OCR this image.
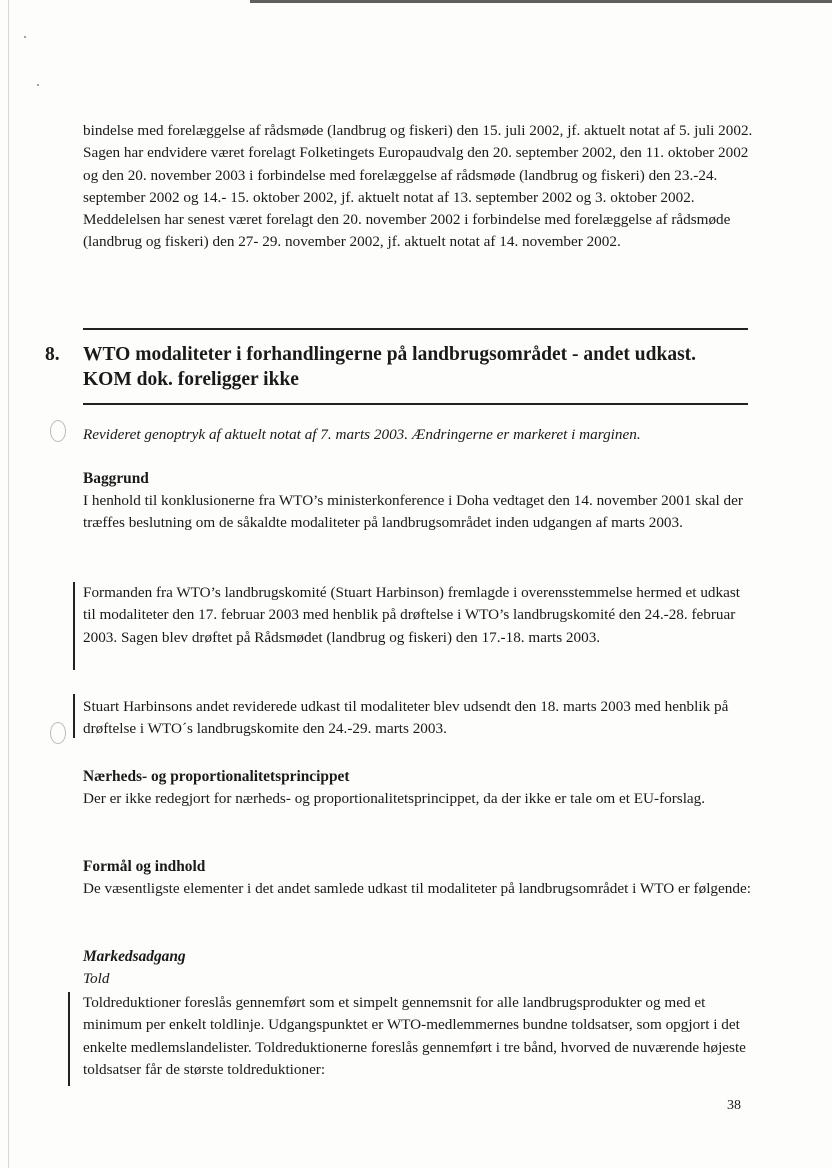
bindelse med forelæggelse af rådsmøde (landbrug og fiskeri) den 15. juli 2002, jf. aktuelt notat af 5. juli 2002. Sagen har endvidere været forelagt Folketingets Europaudvalg den 20. september 2002, den 11. oktober 2002 og den 20. november 2003 i forbindelse med forelæggelse af rådsmøde (landbrug og fiskeri) den 23.-24. september 2002 og 14.- 15. oktober 2002, jf. aktuelt notat af 13. september 2002 og 3. oktober 2002. Meddelelsen har senest været forelagt den 20. november 2002 i forbindelse med forelæggelse af rådsmøde (landbrug og fiskeri) den 27- 29. november 2002, jf. aktuelt notat af 14. november 2002.

8. WTO modaliteter i forhandlingerne på landbrugsområdet - andet udkast.
KOM dok. foreligger ikke
Revideret genoptryk af aktuelt notat af 7. marts 2003. Ændringerne er markeret i marginen.

Baggrund

I henhold til konklusionerne fra WTO’s ministerkonference i Doha vedtaget den 14. november 2001 skal der træffes beslutning om de såkaldte modaliteter på landbrugsområdet inden udgangen af marts 2003.

Formanden fra WTO’s landbrugskomité (Stuart Harbinson) fremlagde i overensstemmelse hermed et udkast til modaliteter den 17. februar 2003 med henblik på drøftelse i WTO’s landbrugskomité den 24.-28. februar 2003. Sagen blev drøftet på Rådsmødet (landbrug og fiskeri) den 17.-18. marts 2003.

Stuart Harbinsons andet reviderede udkast til modaliteter blev udsendt den 18. marts 2003 med henblik på drøftelse i WTO´s landbrugskomite den 24.-29. marts 2003.

Nærheds- og proportionalitetsprincippet

Der er ikke redegjort for nærheds- og proportionalitetsprincippet, da der ikke er tale om et EU-forslag.

Formål og indhold

De væsentligste elementer i det andet samlede udkast til modaliteter på landbrugsområdet i WTO er følgende:

Markedsadgang

Told

Toldreduktioner foreslås gennemført som et simpelt gennemsnit for alle landbrugsprodukter og med et minimum per enkelt toldlinje. Udgangspunktet er WTO-medlemmernes bundne toldsatser, som opgjort i det enkelte medlemslandelister. Toldreduktionerne foreslås gennemført i tre bånd, hvorved de nuværende højeste toldsatser får de største toldreduktioner:

38
